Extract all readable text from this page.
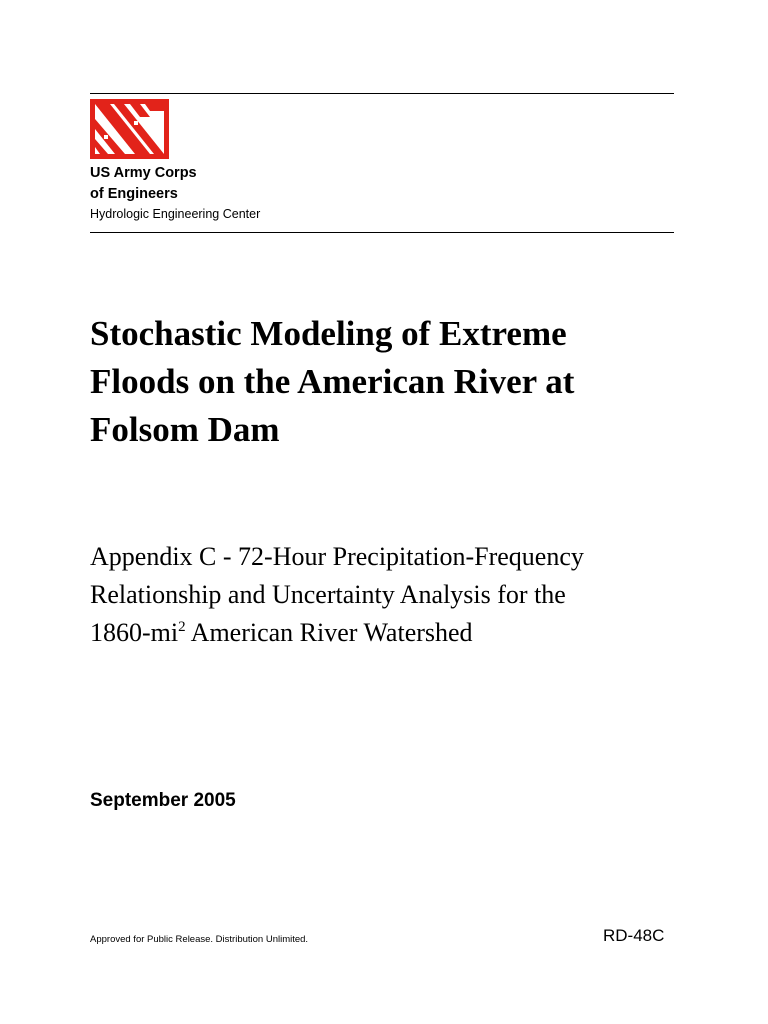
US Army Corps
of Engineers
Hydrologic Engineering Center
Stochastic Modeling of Extreme
Floods on the American River at
Folsom Dam
Appendix C - 72-Hour Precipitation-Frequency
Relationship and Uncertainty Analysis for the
$1860-mi^2$ American River Watershed
September 2005
Approved for Public Release. Distribution Unlimited.	RD-48C
